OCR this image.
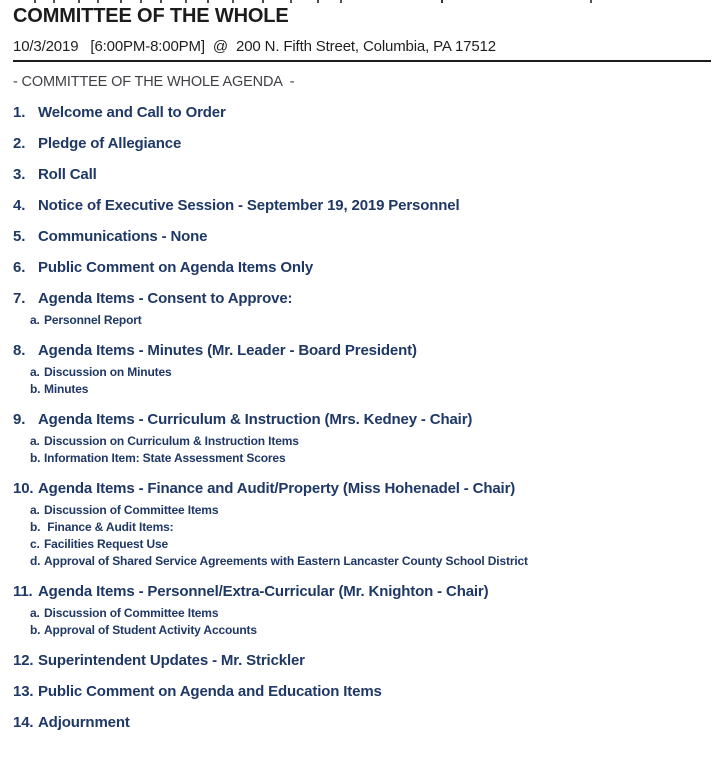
COMMITTEE OF THE WHOLE
10/3/2019   [6:00PM-8:00PM]  @  200 N. Fifth Street, Columbia, PA 17512
- COMMITTEE OF THE WHOLE AGENDA  -
1. Welcome and Call to Order
2. Pledge of Allegiance
3. Roll Call
4. Notice of Executive Session - September 19, 2019 Personnel
5. Communications - None
6. Public Comment on Agenda Items Only
7. Agenda Items - Consent to Approve:
a. Personnel Report
8. Agenda Items - Minutes (Mr. Leader - Board President)
a. Discussion on Minutes
b. Minutes
9. Agenda Items - Curriculum & Instruction (Mrs. Kedney - Chair)
a. Discussion on Curriculum & Instruction Items
b. Information Item: State Assessment Scores
10. Agenda Items - Finance and Audit/Property (Miss Hohenadel - Chair)
a. Discussion of Committee Items
b. Finance & Audit Items:
c. Facilities Request Use
d. Approval of Shared Service Agreements with Eastern Lancaster County School District
11. Agenda Items - Personnel/Extra-Curricular (Mr. Knighton - Chair)
a. Discussion of Committee Items
b. Approval of Student Activity Accounts
12. Superintendent Updates - Mr. Strickler
13. Public Comment on Agenda and Education Items
14. Adjournment
